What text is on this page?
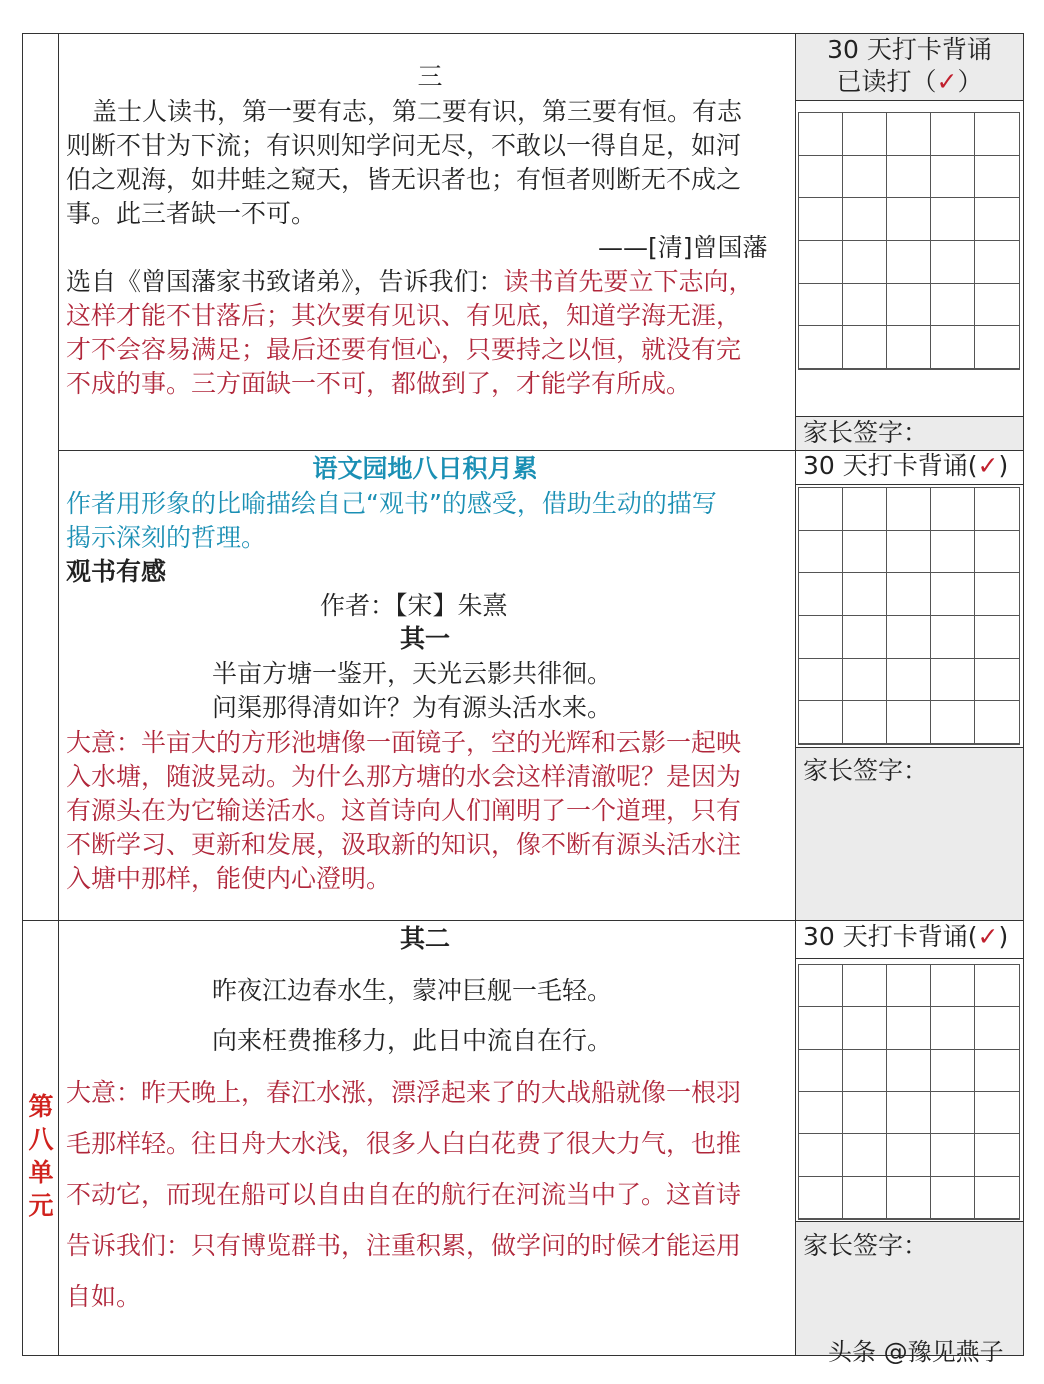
第八单元
三
盖士人读书，第一要有志，第二要有识，第三要有恒。有志
则断不甘为下流；有识则知学问无尽，不敢以一得自足，如河
伯之观海，如井蛙之窥天，皆无识者也；有恒者则断无不成之
事。此三者缺一不可。
——[清]曾国藩
选自《曾国藩家书致诸弟》，告诉我们：读书首先要立下志向，
这样才能不甘落后；其次要有见识、有见底，知道学海无涯，
才不会容易满足；最后还要有恒心，只要持之以恒，就没有完
不成的事。三方面缺一不可，都做到了，才能学有所成。
语文园地八日积月累
作者用形象的比喻描绘自己“观书”的感受，借助生动的描写
揭示深刻的哲理。
观书有感
作者：【宋】朱熹
其一
半亩方塘一鉴开，天光云影共徘徊。
问渠那得清如许？为有源头活水来。
大意：半亩大的方形池塘像一面镜子，空的光辉和云影一起映
入水塘，随波晃动。为什么那方塘的水会这样清澈呢？是因为
有源头在为它输送活水。这首诗向人们阐明了一个道理，只有
不断学习、更新和发展，汲取新的知识，像不断有源头活水注
入塘中那样，能使内心澄明。
其二
昨夜江边春水生，蒙冲巨舰一毛轻。
向来枉费推移力，此日中流自在行。
大意：昨天晚上，春江水涨，漂浮起来了的大战船就像一根羽
毛那样轻。往日舟大水浅，很多人白白花费了很大力气，也推
不动它，而现在船可以自由自在的航行在河流当中了。这首诗
告诉我们：只有博览群书，注重积累，做学问的时候才能运用
自如。
30 天打卡背诵
已读打（✓）
家长签字：
30 天打卡背诵(✓)
家长签字：
30 天打卡背诵(✓)
家长签字：
头条 @豫见燕子
